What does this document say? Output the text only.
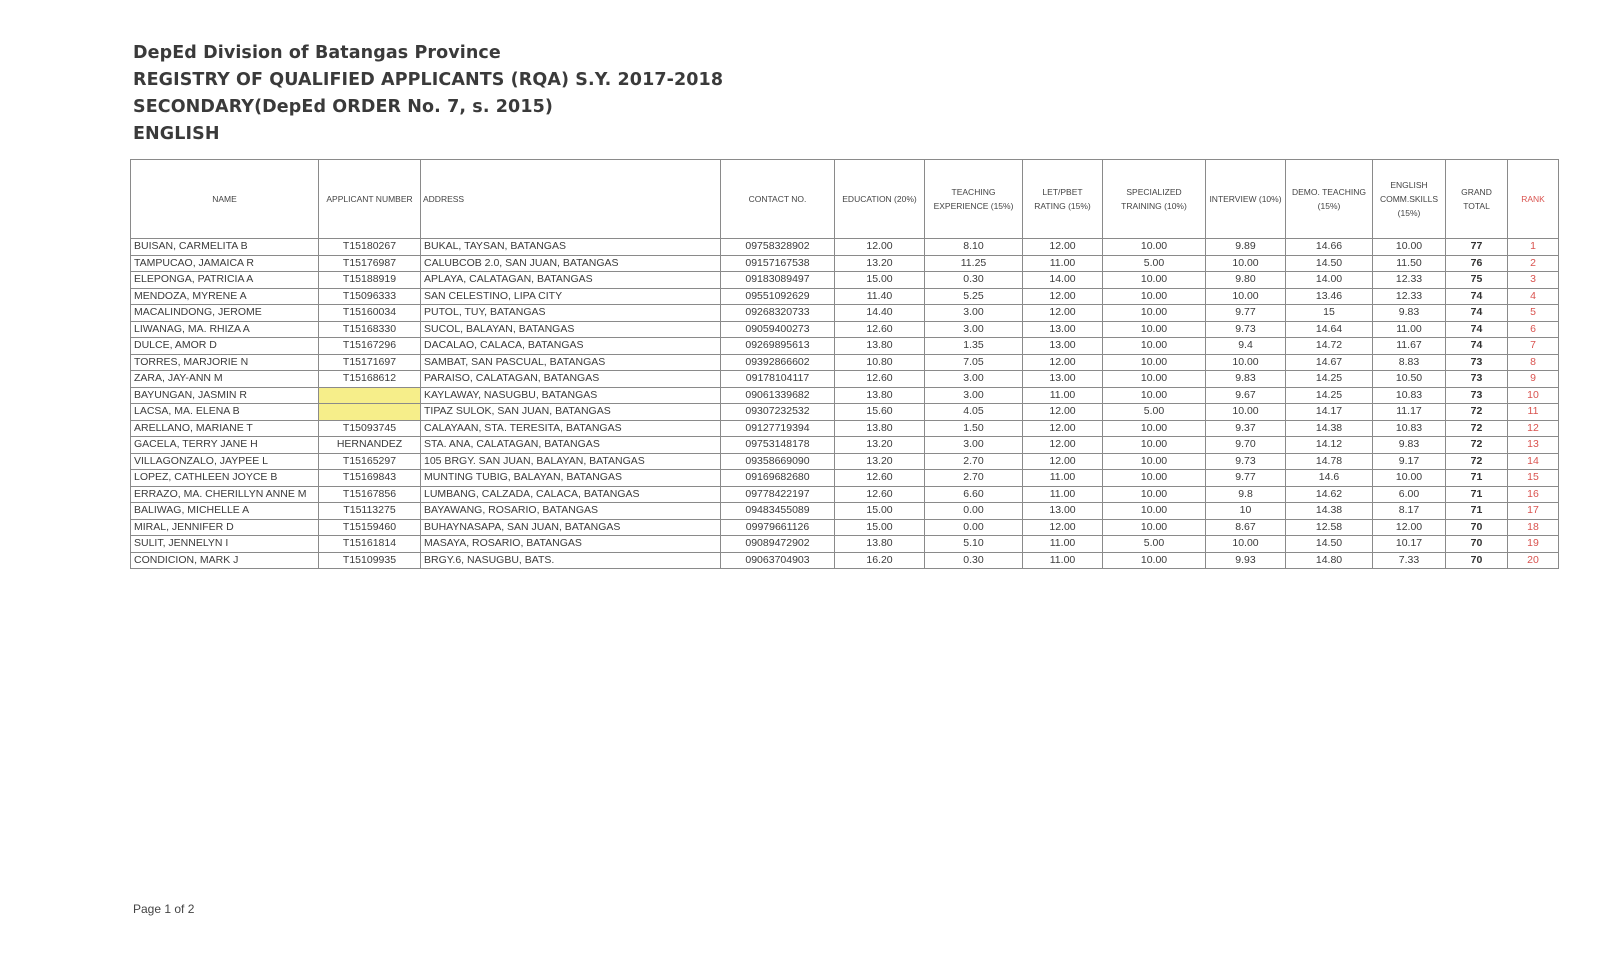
DepEd Division of Batangas Province
REGISTRY OF QUALIFIED APPLICANTS (RQA) S.Y. 2017-2018
SECONDARY(DepEd ORDER No. 7, s. 2015)
ENGLISH
NAME	APPLICANT NUMBER	ADDRESS	CONTACT NO.	EDUCATION (20%)	TEACHING EXPERIENCE (15%)	LET/PBET RATING (15%)	SPECIALIZED TRAINING (10%)	INTERVIEW (10%)	DEMO. TEACHING (15%)	ENGLISH COMM.SKILLS (15%)	GRAND TOTAL	RANK
BUISAN, CARMELITA B	T15180267	BUKAL, TAYSAN, BATANGAS	09758328902	12.00	8.10	12.00	10.00	9.89	14.66	10.00	77	1
TAMPUCAO, JAMAICA R	T15176987	CALUBCOB 2.0, SAN JUAN, BATANGAS	09157167538	13.20	11.25	11.00	5.00	10.00	14.50	11.50	76	2
ELEPONGA, PATRICIA A	T15188919	APLAYA, CALATAGAN, BATANGAS	09183089497	15.00	0.30	14.00	10.00	9.80	14.00	12.33	75	3
MENDOZA, MYRENE A	T15096333	SAN CELESTINO, LIPA CITY	09551092629	11.40	5.25	12.00	10.00	10.00	13.46	12.33	74	4
MACALINDONG, JEROME	T15160034	PUTOL, TUY, BATANGAS	09268320733	14.40	3.00	12.00	10.00	9.77	15	9.83	74	5
LIWANAG, MA. RHIZA A	T15168330	SUCOL, BALAYAN, BATANGAS	09059400273	12.60	3.00	13.00	10.00	9.73	14.64	11.00	74	6
DULCE, AMOR D	T15167296	DACALAO, CALACA, BATANGAS	09269895613	13.80	1.35	13.00	10.00	9.4	14.72	11.67	74	7
TORRES, MARJORIE N	T15171697	SAMBAT, SAN PASCUAL, BATANGAS	09392866602	10.80	7.05	12.00	10.00	10.00	14.67	8.83	73	8
ZARA, JAY-ANN M	T15168612	PARAISO, CALATAGAN, BATANGAS	09178104117	12.60	3.00	13.00	10.00	9.83	14.25	10.50	73	9
BAYUNGAN, JASMIN R		KAYLAWAY, NASUGBU, BATANGAS	09061339682	13.80	3.00	11.00	10.00	9.67	14.25	10.83	73	10
LACSA, MA. ELENA B		TIPAZ SULOK, SAN JUAN, BATANGAS	09307232532	15.60	4.05	12.00	5.00	10.00	14.17	11.17	72	11
ARELLANO, MARIANE T	T15093745	CALAYAAN, STA. TERESITA, BATANGAS	09127719394	13.80	1.50	12.00	10.00	9.37	14.38	10.83	72	12
GACELA, TERRY JANE H	HERNANDEZ	STA. ANA, CALATAGAN, BATANGAS	09753148178	13.20	3.00	12.00	10.00	9.70	14.12	9.83	72	13
VILLAGONZALO, JAYPEE L	T15165297	105 BRGY. SAN JUAN, BALAYAN, BATANGAS	09358669090	13.20	2.70	12.00	10.00	9.73	14.78	9.17	72	14
LOPEZ, CATHLEEN JOYCE B	T15169843	MUNTING TUBIG, BALAYAN, BATANGAS	09169682680	12.60	2.70	11.00	10.00	9.77	14.6	10.00	71	15
ERRAZO, MA. CHERILLYN ANNE M	T15167856	LUMBANG, CALZADA, CALACA, BATANGAS	09778422197	12.60	6.60	11.00	10.00	9.8	14.62	6.00	71	16
BALIWAG, MICHELLE A	T15113275	BAYAWANG, ROSARIO, BATANGAS	09483455089	15.00	0.00	13.00	10.00	10	14.38	8.17	71	17
MIRAL, JENNIFER D	T15159460	BUHAYNASAPA, SAN JUAN, BATANGAS	09979661126	15.00	0.00	12.00	10.00	8.67	12.58	12.00	70	18
SULIT, JENNELYN I	T15161814	MASAYA, ROSARIO, BATANGAS	09089472902	13.80	5.10	11.00	5.00	10.00	14.50	10.17	70	19
CONDICION, MARK J	T15109935	BRGY.6, NASUGBU, BATS.	09063704903	16.20	0.30	11.00	10.00	9.93	14.80	7.33	70	20
Page 1 of 2
